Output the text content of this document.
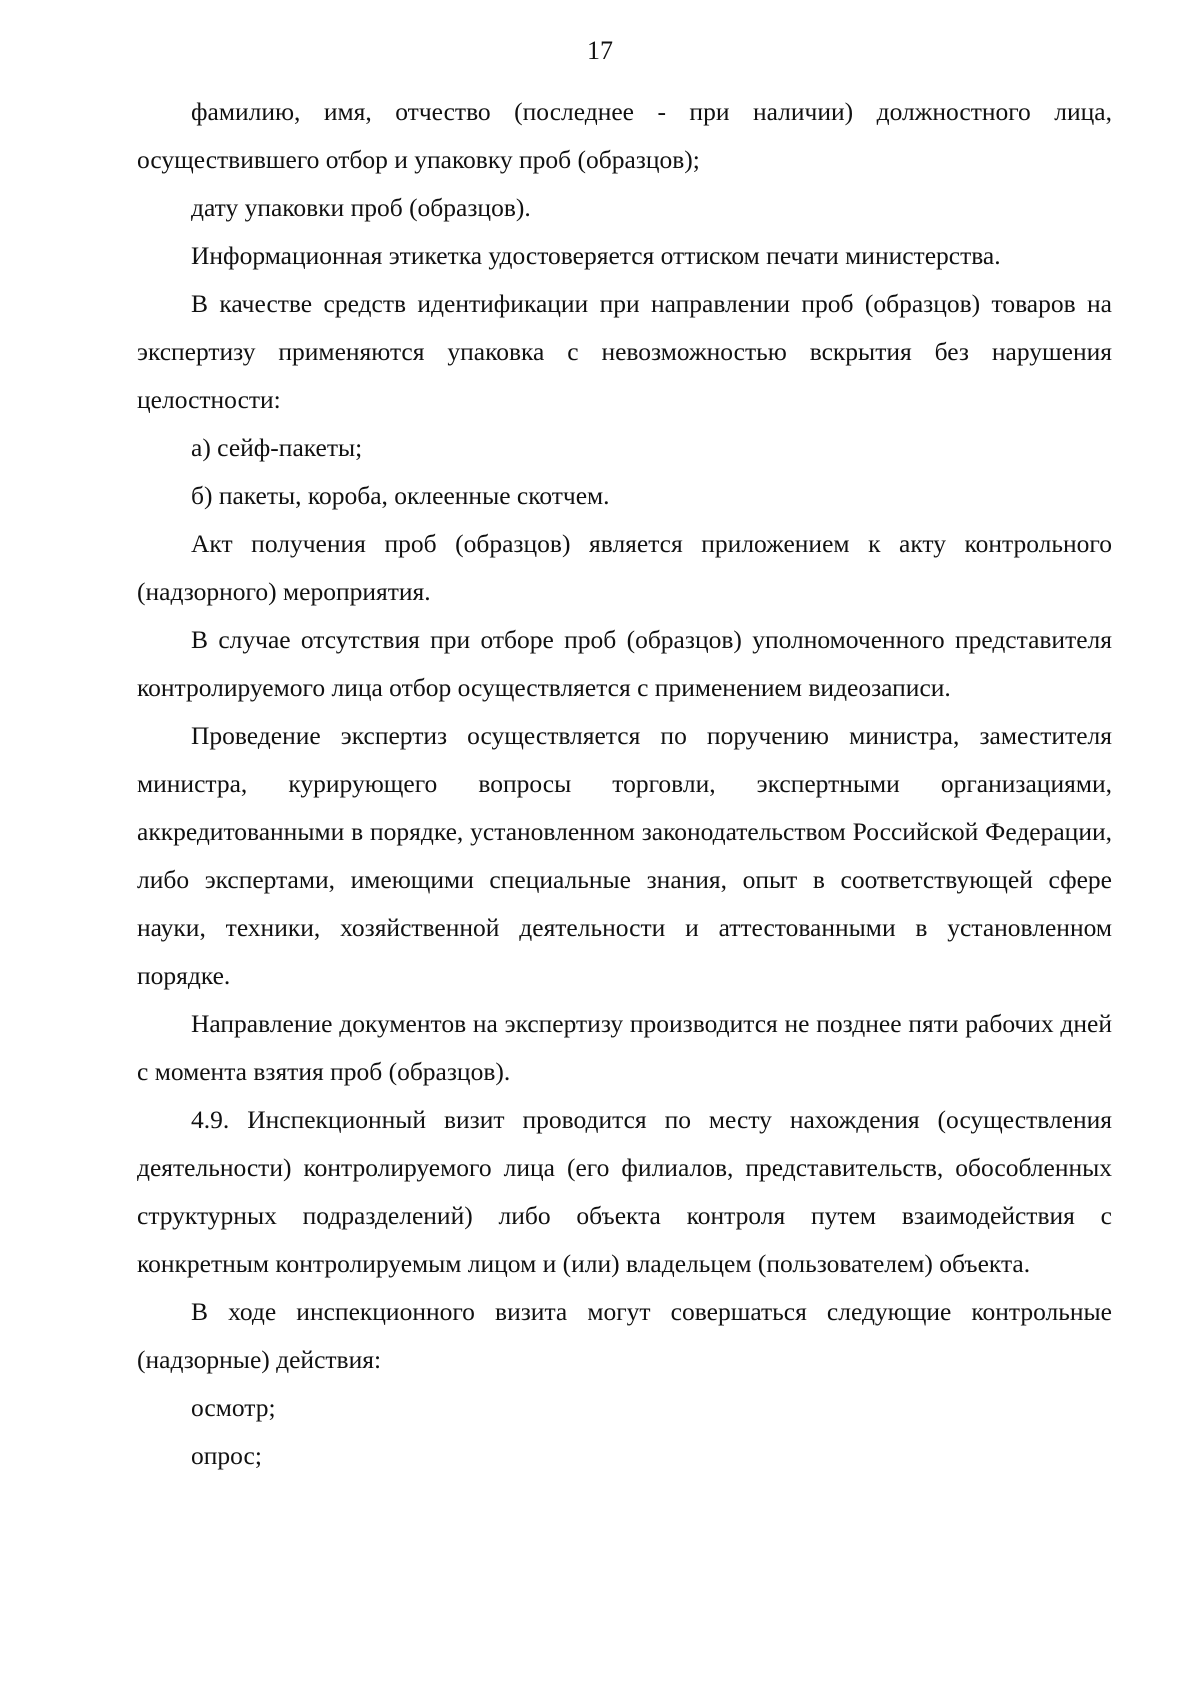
17

фамилию, имя, отчество (последнее - при наличии) должностного лица, осуществившего отбор и упаковку проб (образцов);

дату упаковки проб (образцов).

Информационная этикетка удостоверяется оттиском печати министерства.

В качестве средств идентификации при направлении проб (образцов) товаров на экспертизу применяются упаковка с невозможностью вскрытия без нарушения целостности:

а) сейф-пакеты;

б) пакеты, короба, оклеенные скотчем.

Акт получения проб (образцов) является приложением к акту контрольного (надзорного) мероприятия.

В случае отсутствия при отборе проб (образцов) уполномоченного представителя контролируемого лица отбор осуществляется с применением видеозаписи.

Проведение экспертиз осуществляется по поручению министра, заместителя министра, курирующего вопросы торговли, экспертными организациями, аккредитованными в порядке, установленном законодательством Российской Федерации, либо экспертами, имеющими специальные знания, опыт в соответствующей сфере науки, техники, хозяйственной деятельности и аттестованными в установленном порядке.

Направление документов на экспертизу производится не позднее пяти рабочих дней с момента взятия проб (образцов).

4.9. Инспекционный визит проводится по месту нахождения (осуществления деятельности) контролируемого лица (его филиалов, представительств, обособленных структурных подразделений) либо объекта контроля путем взаимодействия с конкретным контролируемым лицом и (или) владельцем (пользователем) объекта.

В ходе инспекционного визита могут совершаться следующие контрольные (надзорные) действия:

осмотр;

опрос;
